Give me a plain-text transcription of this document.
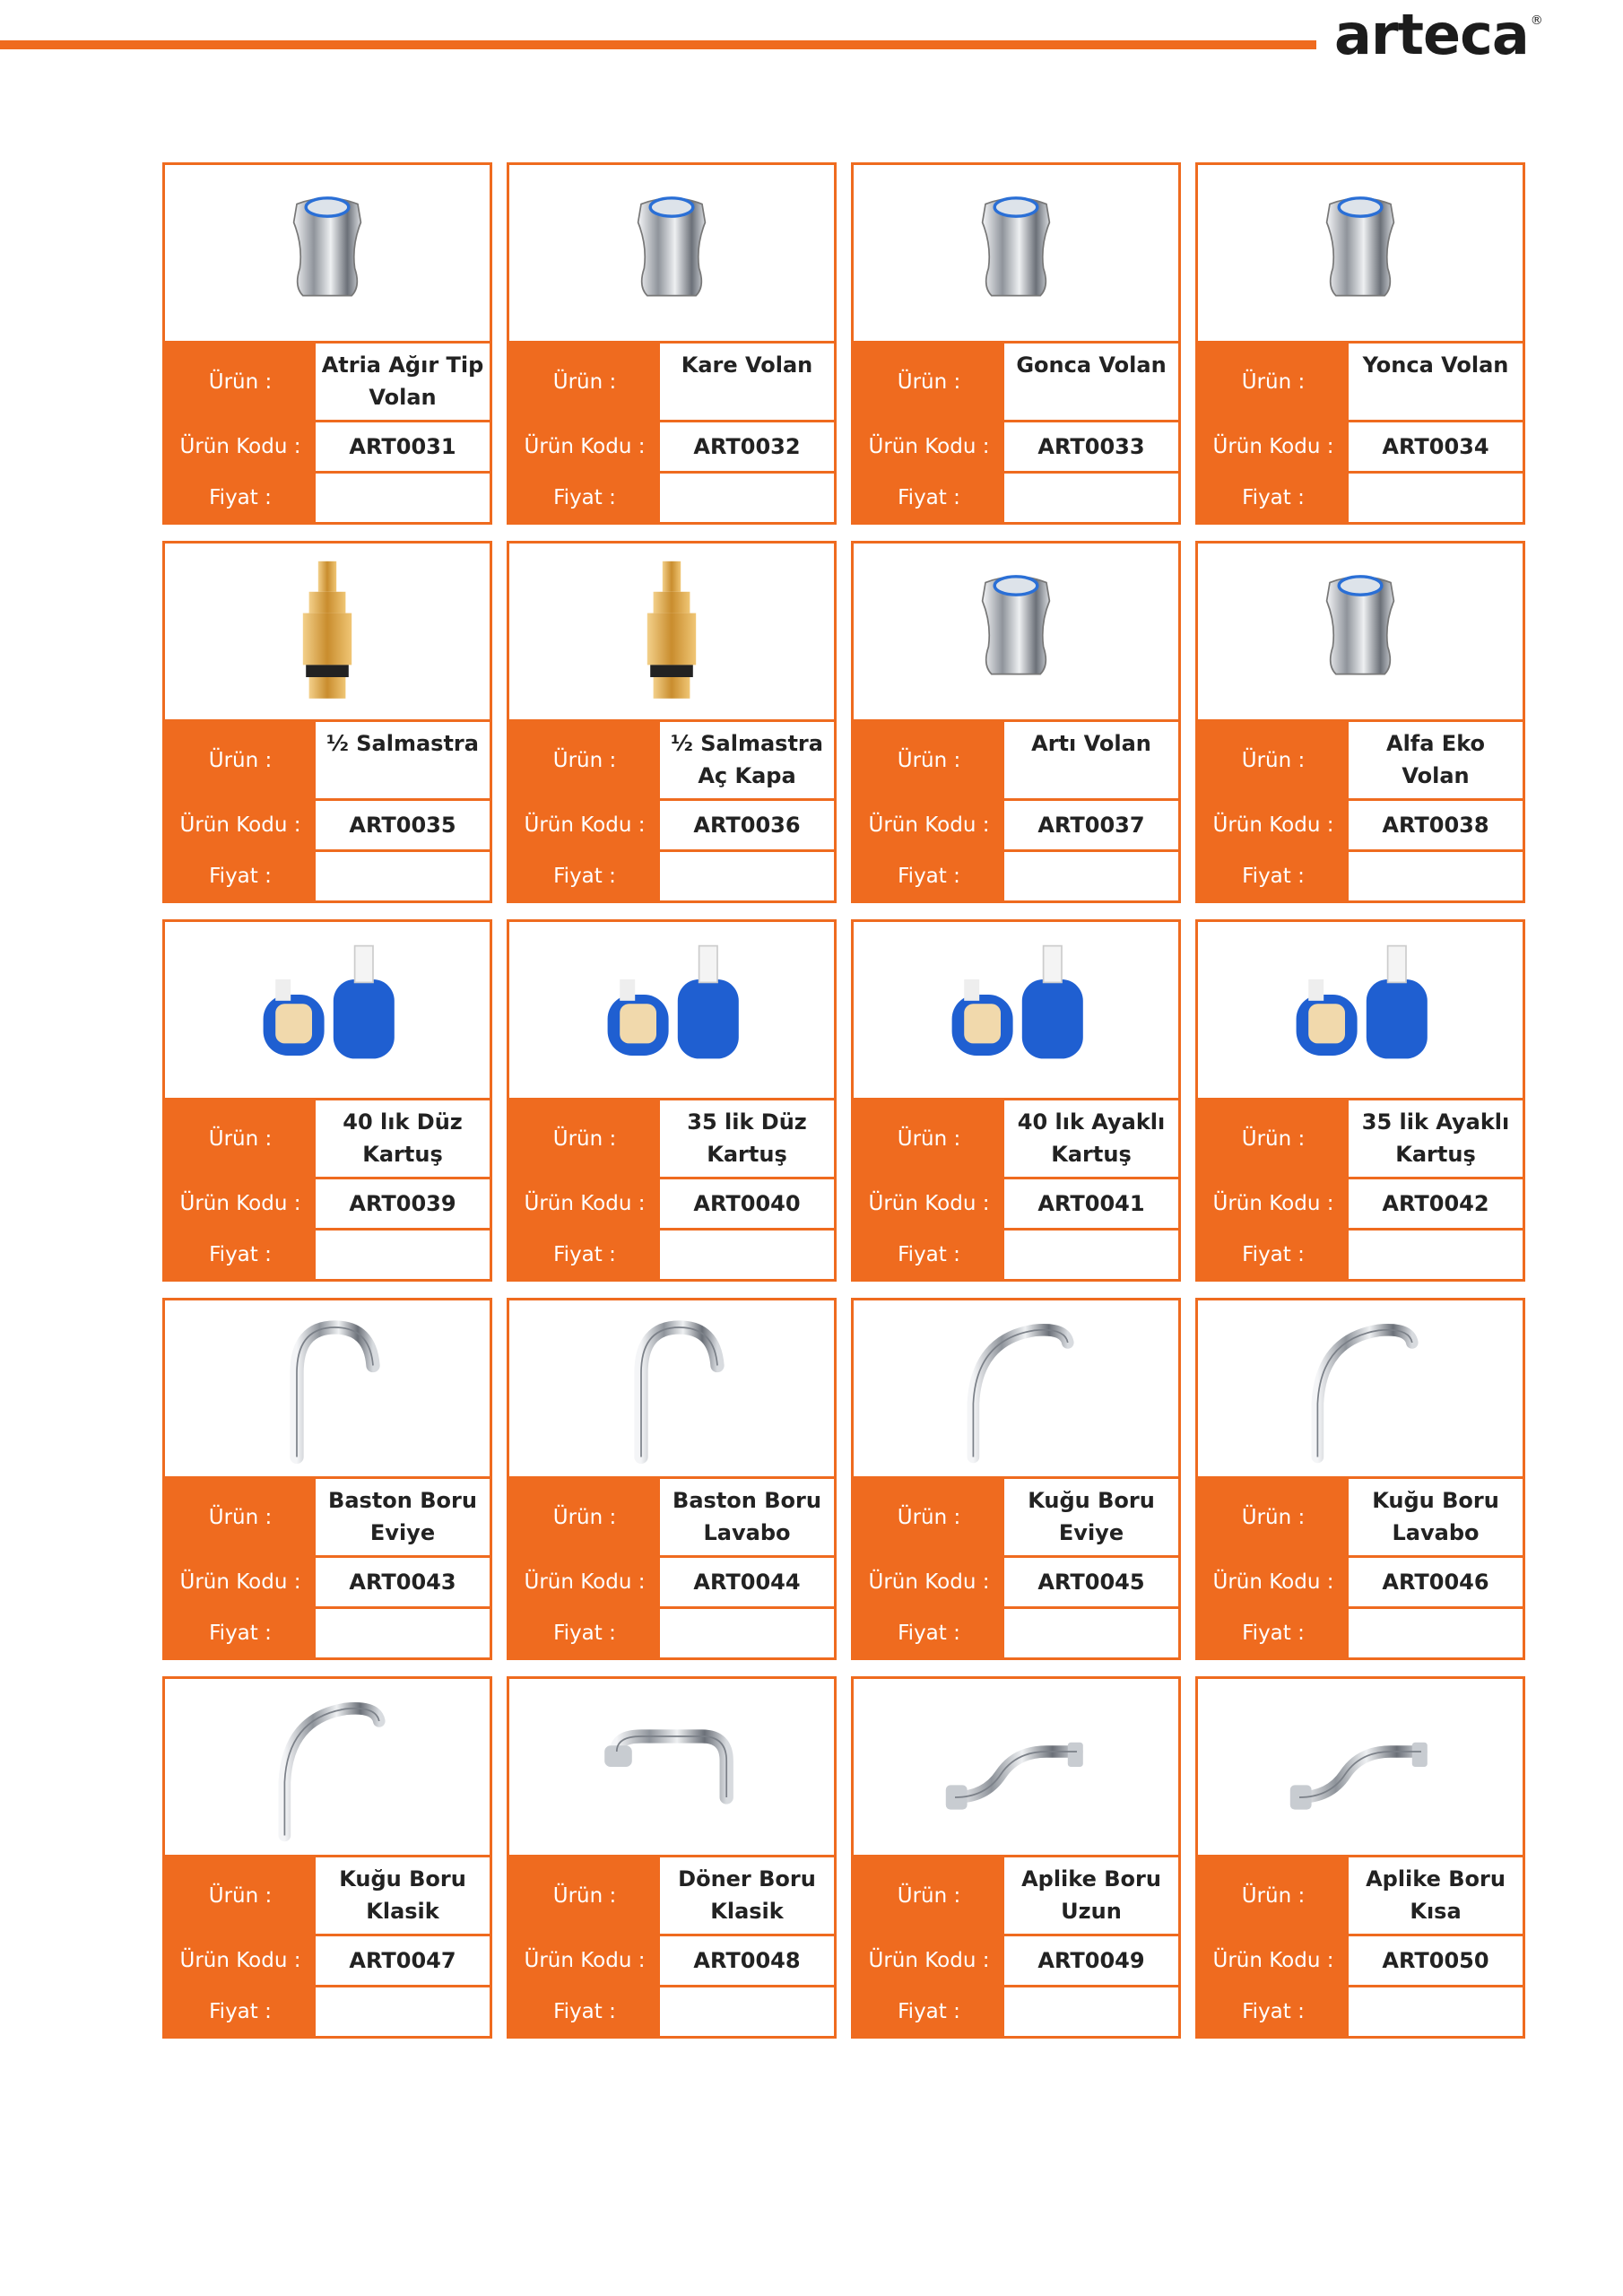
arteca ®
Ürün :
Atria Ağır Tip Volan
Ürün Kodu :	ART0031
Fiyat :
Ürün :
Kare Volan
Ürün Kodu :	ART0032
Fiyat :
Ürün :
Gonca Volan
Ürün Kodu :	ART0033
Fiyat :
Ürün :
Yonca Volan
Ürün Kodu :	ART0034
Fiyat :
Ürün :
½ Salmastra
Ürün Kodu :	ART0035
Fiyat :
Ürün :
½ Salmastra Aç Kapa
Ürün Kodu :	ART0036
Fiyat :
Ürün :
Artı Volan
Ürün Kodu :	ART0037
Fiyat :
Ürün :
Alfa Eko Volan
Ürün Kodu :	ART0038
Fiyat :
Ürün :
40 lık Düz Kartuş
Ürün Kodu :	ART0039
Fiyat :
Ürün :
35 lik Düz Kartuş
Ürün Kodu :	ART0040
Fiyat :
Ürün :
40 lık Ayaklı Kartuş
Ürün Kodu :	ART0041
Fiyat :
Ürün :
35 lik Ayaklı Kartuş
Ürün Kodu :	ART0042
Fiyat :
Ürün :
Baston Boru Eviye
Ürün Kodu :	ART0043
Fiyat :
Ürün :
Baston Boru Lavabo
Ürün Kodu :	ART0044
Fiyat :
Ürün :
Kuğu Boru Eviye
Ürün Kodu :	ART0045
Fiyat :
Ürün :
Kuğu Boru Lavabo
Ürün Kodu :	ART0046
Fiyat :
Ürün :
Kuğu Boru Klasik
Ürün Kodu :	ART0047
Fiyat :
Ürün :
Döner Boru Klasik
Ürün Kodu :	ART0048
Fiyat :
Ürün :
Aplike Boru Uzun
Ürün Kodu :	ART0049
Fiyat :
Ürün :
Aplike Boru Kısa
Ürün Kodu :	ART0050
Fiyat :
